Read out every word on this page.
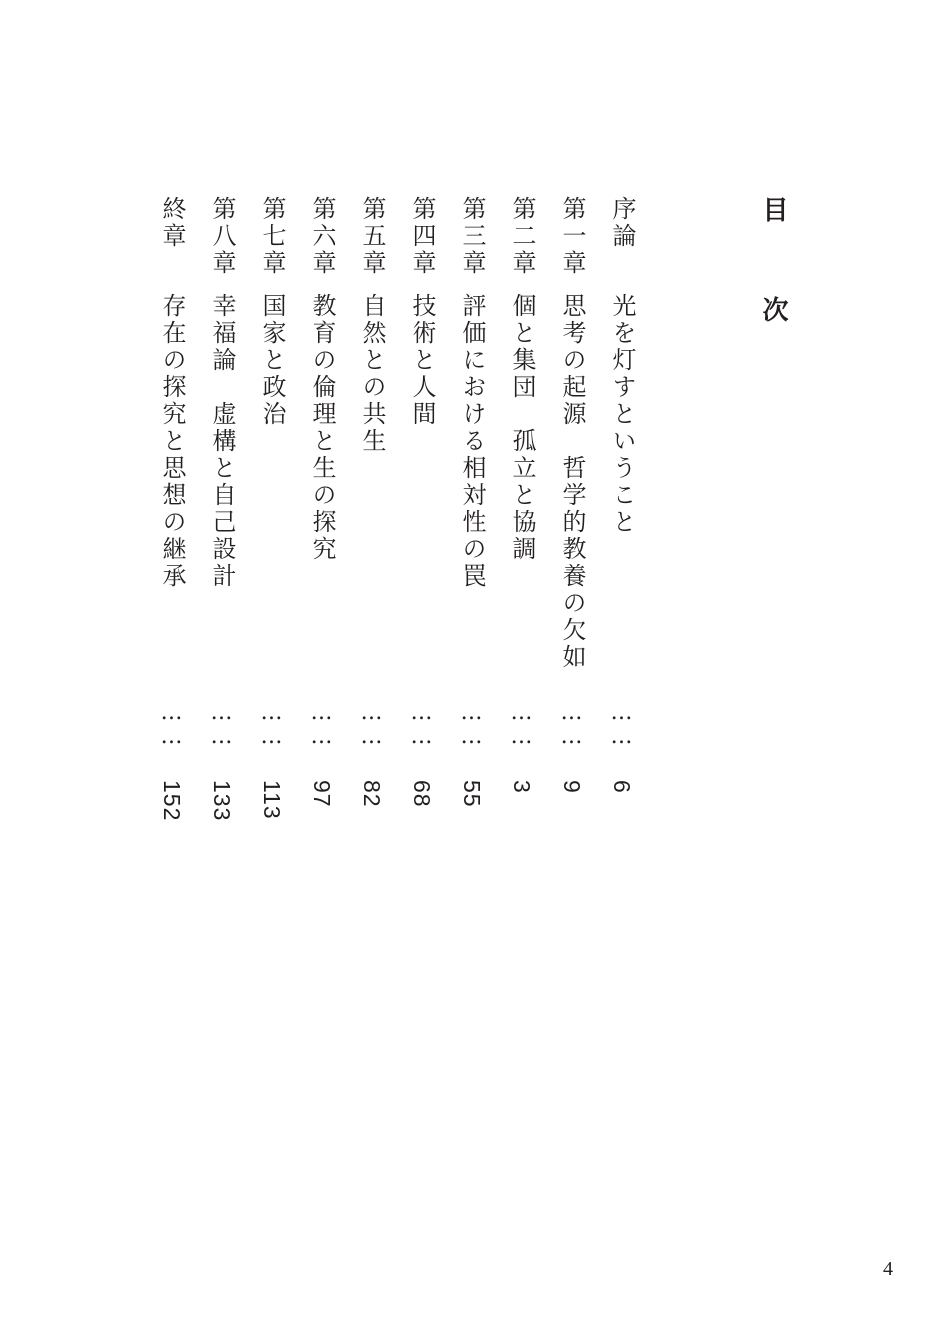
目 次
序論
光を灯すということ
……
6
第一章
思考の起源　哲学的教養の欠如
……
9
第二章
個と集団　孤立と協調
……
3
第三章
評価における相対性の罠
……
55
第四章
技術と人間
……
68
第五章
自然との共生
……
82
第六章
教育の倫理と生の探究
……
97
第七章
国家と政治
……
113
第八章
幸福論　虚構と自己設計
……
133
終章
存在の探究と思想の継承
……
152
4
